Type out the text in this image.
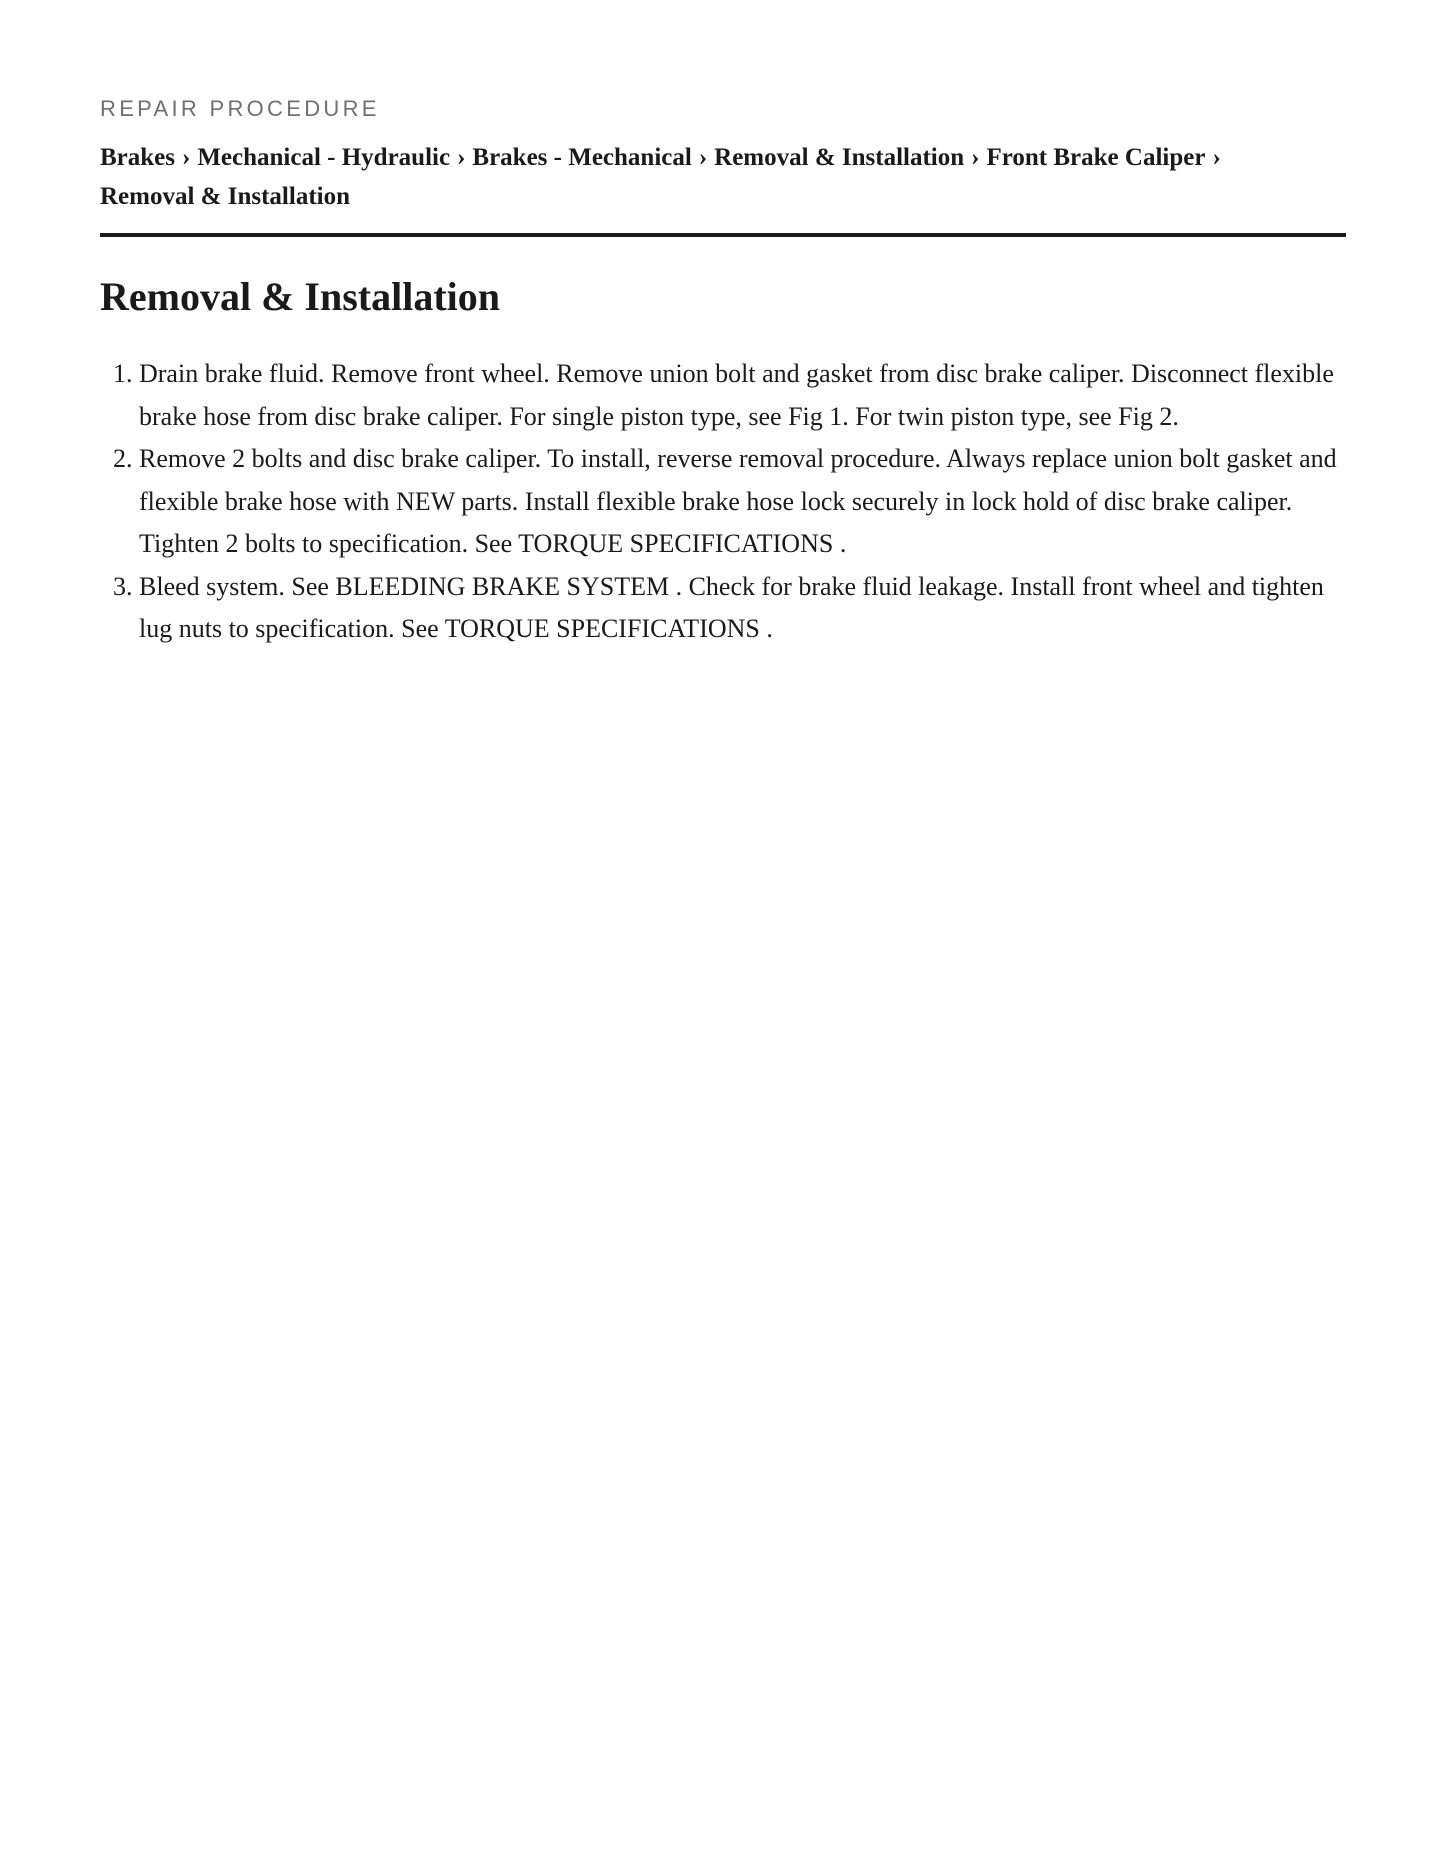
REPAIR PROCEDURE
Brakes › Mechanical - Hydraulic › Brakes - Mechanical › Removal & Installation › Front Brake Caliper ›
Removal & Installation
Removal & Installation
1. Drain brake fluid. Remove front wheel. Remove union bolt and gasket from disc brake caliper. Disconnect flexible brake hose from disc brake caliper. For single piston type, see Fig 1. For twin piston type, see Fig 2.
2. Remove 2 bolts and disc brake caliper. To install, reverse removal procedure. Always replace union bolt gasket and flexible brake hose with NEW parts. Install flexible brake hose lock securely in lock hold of disc brake caliper. Tighten 2 bolts to specification. See TORQUE SPECIFICATIONS .
3. Bleed system. See BLEEDING BRAKE SYSTEM . Check for brake fluid leakage. Install front wheel and tighten lug nuts to specification. See TORQUE SPECIFICATIONS .
